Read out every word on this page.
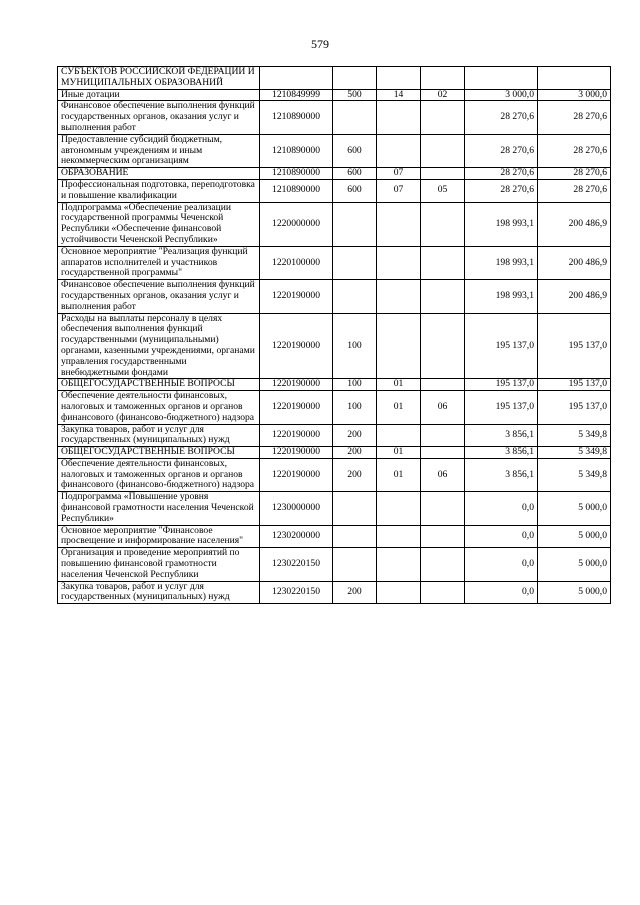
579
СУБЪЕКТОВ РОССИЙСКОЙ ФЕДЕРАЦИИ И МУНИЦИПАЛЬНЫХ ОБРАЗОВАНИЙ						
Иные дотации	1210849999	500	14	02	3 000,0	3 000,0
Финансовое обеспечение выполнения функций государственных органов, оказания услуг и выполнения работ	1210890000				28 270,6	28 270,6
Предоставление субсидий бюджетным, автономным учреждениям и иным некоммерческим организациям	1210890000	600			28 270,6	28 270,6
ОБРАЗОВАНИЕ	1210890000	600	07		28 270,6	28 270,6
Профессиональная подготовка, переподготовка и повышение квалификации	1210890000	600	07	05	28 270,6	28 270,6
Подпрограмма «Обеспечение реализации государственной программы Чеченской Республики «Обеспечение финансовой устойчивости Чеченской Республики»	1220000000				198 993,1	200 486,9
Основное мероприятие "Реализация функций аппаратов исполнителей и участников государственной программы"	1220100000				198 993,1	200 486,9
Финансовое обеспечение выполнения функций государственных органов, оказания услуг и выполнения работ	1220190000				198 993,1	200 486,9
Расходы на выплаты персоналу в целях обеспечения выполнения функций государственными (муниципальными) органами, казенными учреждениями, органами управления государственными внебюджетными фондами	1220190000	100			195 137,0	195 137,0
ОБЩЕГОСУДАРСТВЕННЫЕ ВОПРОСЫ	1220190000	100	01		195 137,0	195 137,0
Обеспечение деятельности финансовых, налоговых и таможенных органов и органов финансового (финансово-бюджетного) надзора	1220190000	100	01	06	195 137,0	195 137,0
Закупка товаров, работ и услуг для государственных (муниципальных) нужд	1220190000	200			3 856,1	5 349,8
ОБЩЕГОСУДАРСТВЕННЫЕ ВОПРОСЫ	1220190000	200	01		3 856,1	5 349,8
Обеспечение деятельности финансовых, налоговых и таможенных органов и органов финансового (финансово-бюджетного) надзора	1220190000	200	01	06	3 856,1	5 349,8
Подпрограмма «Повышение уровня финансовой грамотности населения Чеченской Республики»	1230000000				0,0	5 000,0
Основное мероприятие "Финансовое просвещение и информирование населения"	1230200000				0,0	5 000,0
Организация и проведение мероприятий по повышению финансовой грамотности населения Чеченской Республики	1230220150				0,0	5 000,0
Закупка товаров, работ и услуг для государственных (муниципальных) нужд	1230220150	200			0,0	5 000,0
